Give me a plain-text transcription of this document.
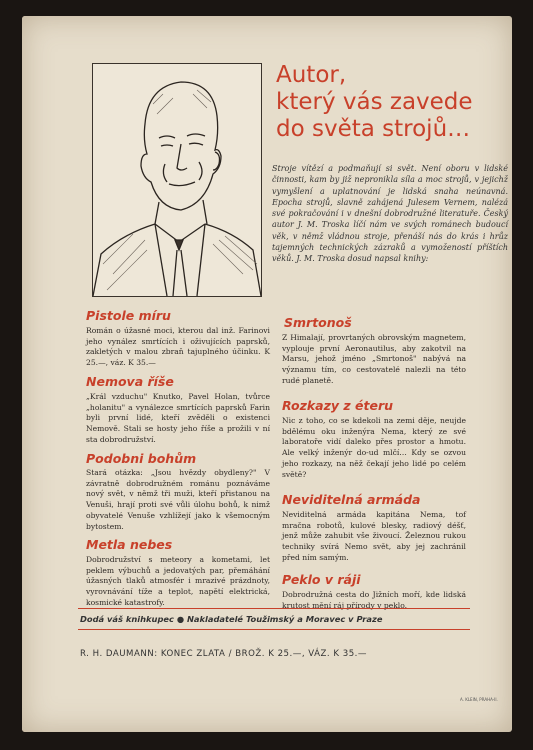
Autor,
který vás zavede
do světa strojů…
Stroje vítězí a podmaňují si svět. Není oboru v lidské činnosti, kam by již nepronikla síla a moc strojů, v jejichž vymyšlení a uplatnování je lidská snaha neúnavná. Epocha strojů, slavně zahájená Julesem Vernem, nalézá své pokračování i v dnešní dobrodružné literatuře. Český autor J. M. Troska líčí nám ve svých románech budoucí věk, v němž vládnou stroje, přenáší nás do krás i hrůz tajemných technických zázraků a vymožeností příštích věků. J. M. Troska dosud napsal knihy:
Pistole míru
Román o úžasné moci, kterou dal inž. Farinovi jeho vynález smrtících i oživujících paprsků, zakletých v malou zbraň tajuplného účinku. K 25.—, váz. K 35.—
Nemova říše
„Král vzduchu" Knutko, Pavel Holan, tvůrce „holanitu" a vynálezce smrtících paprsků Farin byli první lidé, kteří zvěděli o existenci Nemově. Stali se hosty jeho říše a prožili v ní sta dobrodružství.
Podobni bohům
Stará otázka: „Jsou hvězdy obydleny?" V závratně dobrodružném románu poznáváme nový svět, v němž tři muži, kteří přistanou na Venuši, hrají proti své vůli úlohu bohů, k nimž obyvatelé Venuše vzhlížejí jako k všemocným bytostem.
Metla nebes
Dobrodružství s meteory a kometami, let peklem výbuchů a jedovatých par, přemáhání úžasných tlaků atmosfér i mrazivé prázdnoty, vyrovnávání tíže a teplot, napětí elektrická, kosmické katastrofy.
Smrtonoš
Z Himalají, provrtaných obrovským magnetem, vyplouje první Aeronautilus, aby zakotvil na Marsu, jehož jméno „Smrtonoš" nabývá na významu tím, co cestovatelé nalezli na této rudé planetě.
Rozkazy z éteru
Nic z toho, co se kdekoli na zemi děje, neujde bdělému oku inženýra Nema, který ze své laboratoře vidí daleko přes prostor a hmotu. Ale velký inženýr do-ud mlčí… Kdy se ozvou jeho rozkazy, na něž čekají jeho lidé po celém světě?
Neviditelná armáda
Neviditelná armáda kapitána Nema, tof mračna robotů, kulové blesky, radiový déšť, jenž může zahubit vše živoucí. Železnou rukou techniky svírá Nemo svět, aby jej zachránil před ním samým.
Peklo v ráji
Dobrodružná cesta do Jižních moří, kde lidská krutost mění ráj přírody v peklo.
Dodá váš knihkupec ● Nakladatelé Toužimský a Moravec v Praze
R. H. DAUMANN: KONEC ZLATA / BROŽ. K 25.—, VÁZ. K 35.—
A. KLEIN, PRAHA-II.
